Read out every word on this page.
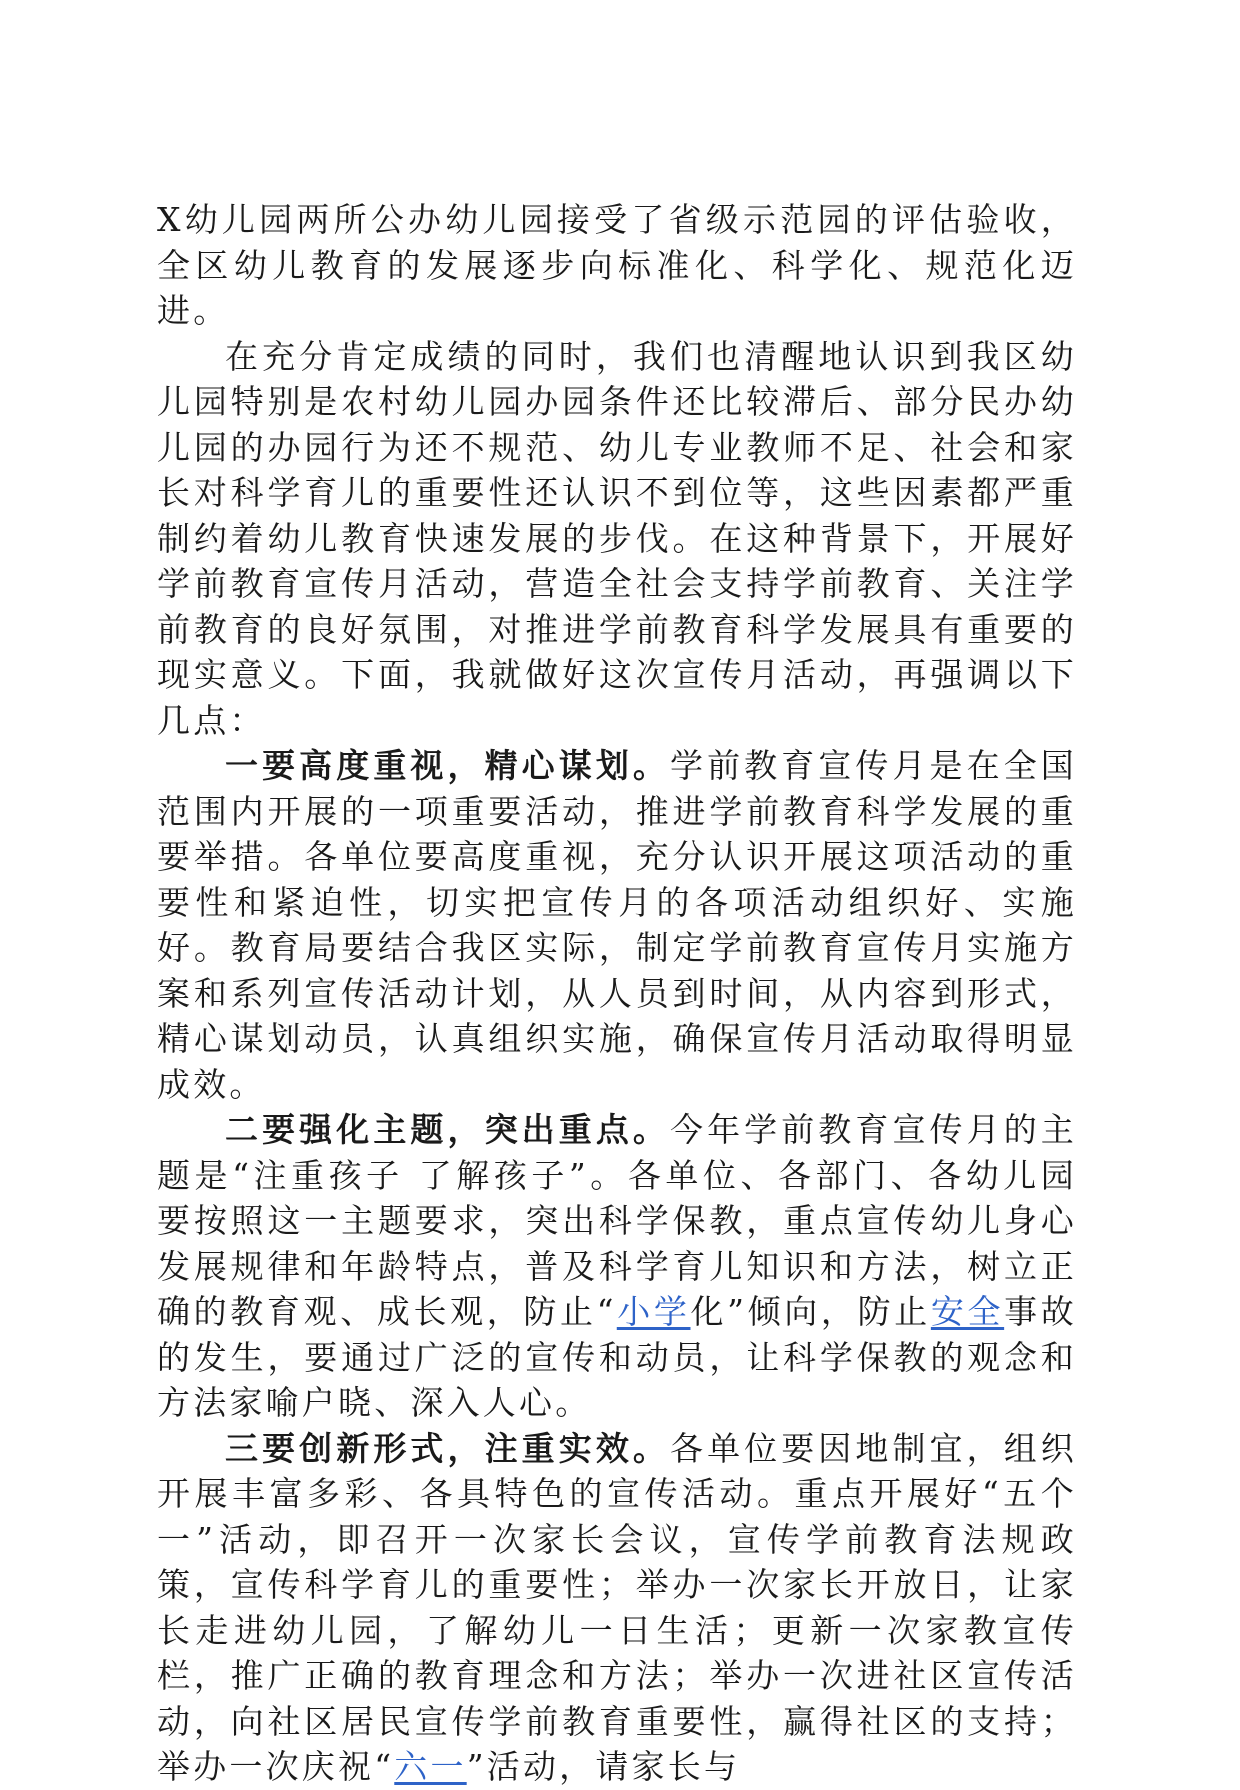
X幼儿园两所公办幼儿园接受了省级示范园的评估验收，全区幼儿教育的发展逐步向标准化、科学化、规范化迈进。

在充分肯定成绩的同时，我们也清醒地认识到我区幼儿园特别是农村幼儿园办园条件还比较滞后、部分民办幼儿园的办园行为还不规范、幼儿专业教师不足、社会和家长对科学育儿的重要性还认识不到位等，这些因素都严重制约着幼儿教育快速发展的步伐。在这种背景下，开展好学前教育宣传月活动，营造全社会支持学前教育、关注学前教育的良好氛围，对推进学前教育科学发展具有重要的现实意义。下面，我就做好这次宣传月活动，再强调以下几点：

一要高度重视，精心谋划。学前教育宣传月是在全国范围内开展的一项重要活动，推进学前教育科学发展的重要举措。各单位要高度重视，充分认识开展这项活动的重要性和紧迫性，切实把宣传月的各项活动组织好、实施好。教育局要结合我区实际，制定学前教育宣传月实施方案和系列宣传活动计划，从人员到时间，从内容到形式，精心谋划动员，认真组织实施，确保宣传月活动取得明显成效。

二要强化主题，突出重点。今年学前教育宣传月的主题是“注重孩子 了解孩子”。各单位、各部门、各幼儿园要按照这一主题要求，突出科学保教，重点宣传幼儿身心发展规律和年龄特点，普及科学育儿知识和方法，树立正确的教育观、成长观，防止“小学化”倾向，防止安全事故的发生，要通过广泛的宣传和动员，让科学保教的观念和方法家喻户晓、深入人心。

三要创新形式，注重实效。各单位要因地制宜，组织开展丰富多彩、各具特色的宣传活动。重点开展好“五个一”活动，即召开一次家长会议，宣传学前教育法规政策，宣传科学育儿的重要性；举办一次家长开放日，让家长走进幼儿园，了解幼儿一日生活；更新一次家教宣传栏，推广正确的教育理念和方法；举办一次进社区宣传活动，向社区居民宣传学前教育重要性，赢得社区的支持；举办一次庆祝“六一”活动，请家长与
